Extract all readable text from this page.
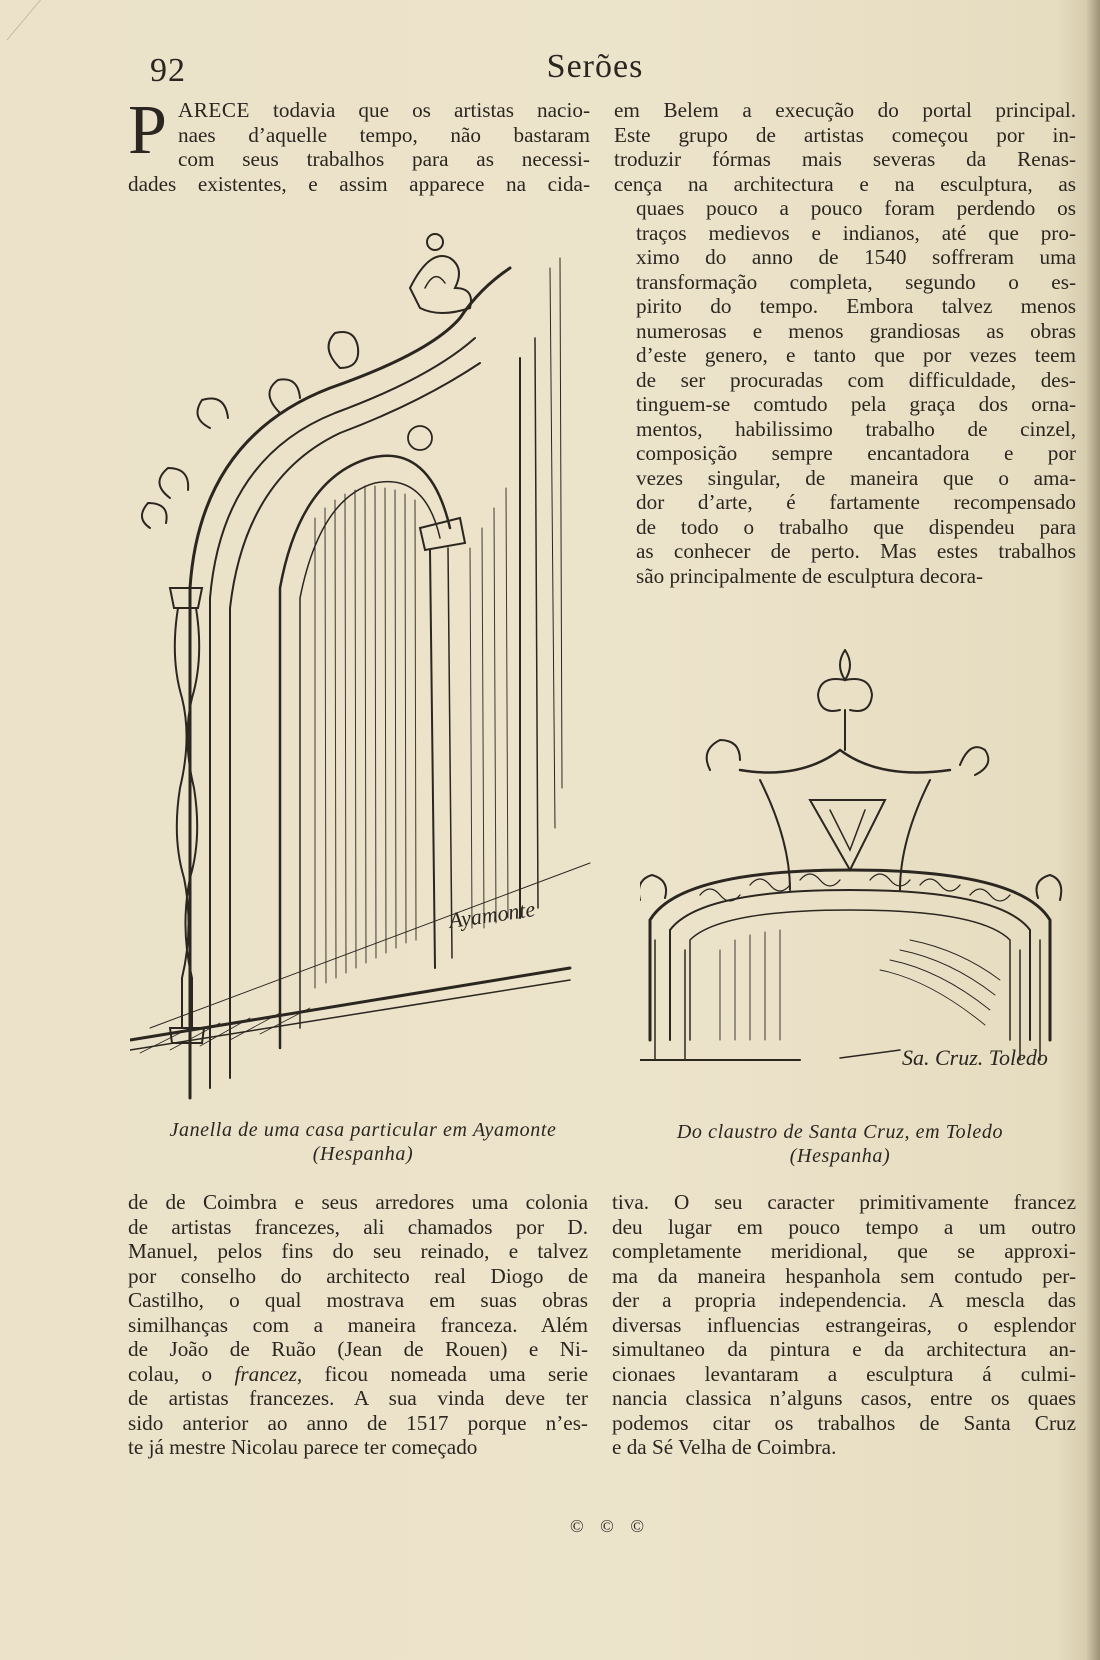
92	Serões
P ARECE todavia que os artistas nacio-
naes d’aquelle tempo, não bastaram
com seus trabalhos para as necessi-
dades existentes, e assim apparece na cida-
em Belem a execução do portal principal.
Este grupo de artistas começou por in-
troduzir fórmas mais severas da Renas-
cença na architectura e na esculptura, as
quaes pouco a pouco foram perdendo os
traços medievos e indianos, até que pro-
ximo do anno de 1540 soffreram uma
transformação completa, segundo o es-
pirito do tempo. Embora talvez menos
numerosas e menos grandiosas as obras
d’este genero, e tanto que por vezes teem
de ser procuradas com difficuldade, des-
tinguem-se comtudo pela graça dos orna-
mentos, habilissimo trabalho de cinzel,
composição sempre encantadora e por
vezes singular, de maneira que o ama-
dor d’arte, é fartamente recompensado
de todo o trabalho que dispendeu para
as conhecer de perto. Mas estes trabalhos
são principalmente de esculptura decora-
Ayamonte
Janella de uma casa particular em Ayamonte
(Hespanha)
Sa. Cruz. Toledo
Do claustro de Santa Cruz, em Toledo
(Hespanha)
de de Coimbra e seus arredores uma colonia
de artistas francezes, ali chamados por D.
Manuel, pelos fins do seu reinado, e talvez
por conselho do architecto real Diogo de
Castilho, o qual mostrava em suas obras
similhanças com a maneira franceza. Além
de João de Ruão (Jean de Rouen) e Ni-
colau, o francez, ficou nomeada uma serie
de artistas francezes. A sua vinda deve ter
sido anterior ao anno de 1517 porque n’es-
te já mestre Nicolau parece ter começado
tiva. O seu caracter primitivamente francez
deu lugar em pouco tempo a um outro
completamente meridional, que se approxi-
ma da maneira hespanhola sem contudo per-
der a propria independencia. A mescla das
diversas influencias estrangeiras, o esplendor
simultaneo da pintura e da architectura an-
cionaes levantaram a esculptura á culmi-
nancia classica n’alguns casos, entre os quaes
podemos citar os trabalhos de Santa Cruz
e da Sé Velha de Coimbra.
© © ©
